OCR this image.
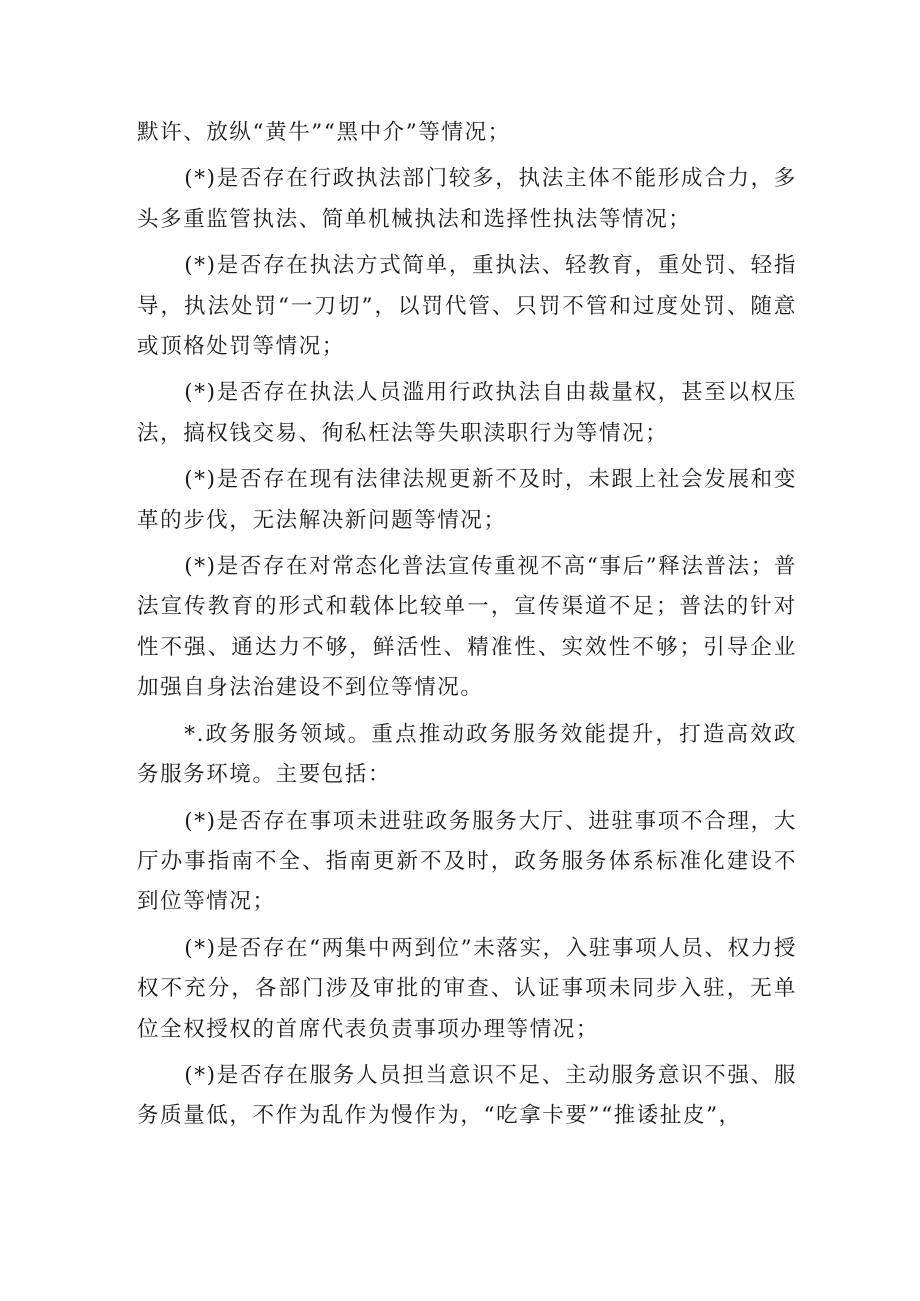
默许、放纵“黄牛”“黑中介”等情况；

(*)是否存在行政执法部门较多，执法主体不能形成合力，多头多重监管执法、简单机械执法和选择性执法等情况；

(*)是否存在执法方式简单，重执法、轻教育，重处罚、轻指导，执法处罚“一刀切”，以罚代管、只罚不管和过度处罚、随意或顶格处罚等情况；

(*)是否存在执法人员滥用行政执法自由裁量权，甚至以权压法，搞权钱交易、徇私枉法等失职渎职行为等情况；

(*)是否存在现有法律法规更新不及时，未跟上社会发展和变革的步伐，无法解决新问题等情况；

(*)是否存在对常态化普法宣传重视不高“事后”释法普法；普法宣传教育的形式和载体比较单一，宣传渠道不足；普法的针对性不强、通达力不够，鲜活性、精准性、实效性不够；引导企业加强自身法治建设不到位等情况。

*.政务服务领域。重点推动政务服务效能提升，打造高效政务服务环境。主要包括：

(*)是否存在事项未进驻政务服务大厅、进驻事项不合理，大厅办事指南不全、指南更新不及时，政务服务体系标准化建设不到位等情况；

(*)是否存在“两集中两到位”未落实，入驻事项人员、权力授权不充分，各部门涉及审批的审查、认证事项未同步入驻，无单位全权授权的首席代表负责事项办理等情况；

(*)是否存在服务人员担当意识不足、主动服务意识不强、服务质量低，不作为乱作为慢作为，“吃拿卡要”“推诿扯皮”，
